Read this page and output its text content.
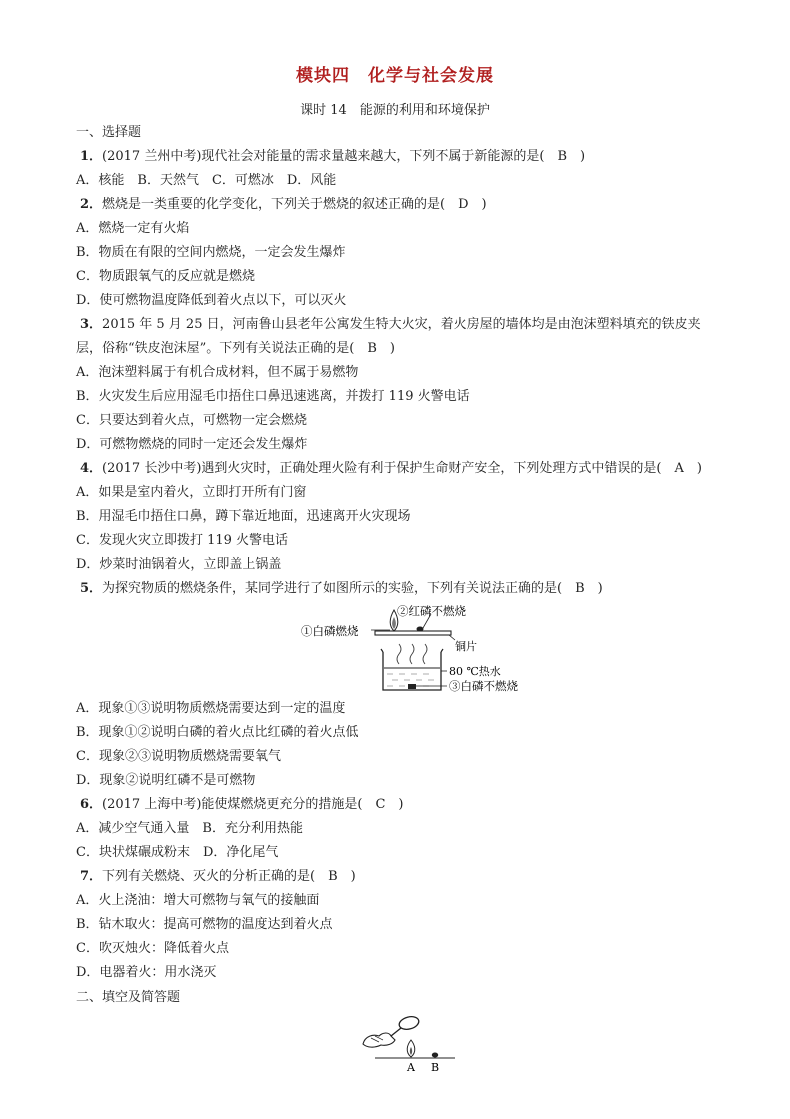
模块四 化学与社会发展
课时 14　能源的利用和环境保护
一、选择题
1．(2017 兰州中考)现代社会对能量的需求量越来越大，下列不属于新能源的是(　B　)
A．核能　B．天然气　C．可燃冰　D．风能
2．燃烧是一类重要的化学变化，下列关于燃烧的叙述正确的是(　D　)
A．燃烧一定有火焰
B．物质在有限的空间内燃烧，一定会发生爆炸
C．物质跟氧气的反应就是燃烧
D．使可燃物温度降低到着火点以下，可以灭火
3．2015 年 5 月 25 日，河南鲁山县老年公寓发生特大火灾，着火房屋的墙体均是由泡沫塑料填充的铁皮夹
层，俗称“铁皮泡沫屋”。下列有关说法正确的是(　B　)
A．泡沫塑料属于有机合成材料，但不属于易燃物
B．火灾发生后应用湿毛巾捂住口鼻迅速逃离，并拨打 119 火警电话
C．只要达到着火点，可燃物一定会燃烧
D．可燃物燃烧的同时一定还会发生爆炸
4．(2017 长沙中考)遇到火灾时，正确处理火险有利于保护生命财产安全，下列处理方式中错误的是(　A　)
A．如果是室内着火，立即打开所有门窗
B．用湿毛巾捂住口鼻，蹲下靠近地面，迅速离开火灾现场
C．发现火灾立即拨打 119 火警电话
D．炒菜时油锅着火，立即盖上锅盖
5．为探究物质的燃烧条件，某同学进行了如图所示的实验，下列有关说法正确的是(　B　)
①白磷燃烧
②红磷不燃烧
铜片
80 ℃热水
③白磷不燃烧
A．现象①③说明物质燃烧需要达到一定的温度
B．现象①②说明白磷的着火点比红磷的着火点低
C．现象②③说明物质燃烧需要氧气
D．现象②说明红磷不是可燃物
6．(2017 上海中考)能使煤燃烧更充分的措施是(　C　)
A．减少空气通入量　B．充分利用热能
C．块状煤碾成粉末　D．净化尾气
7．下列有关燃烧、灭火的分析正确的是(　B　)
A．火上浇油：增大可燃物与氧气的接触面
B．钻木取火：提高可燃物的温度达到着火点
C．吹灭烛火：降低着火点
D．电器着火：用水浇灭
二、填空及简答题
A B
